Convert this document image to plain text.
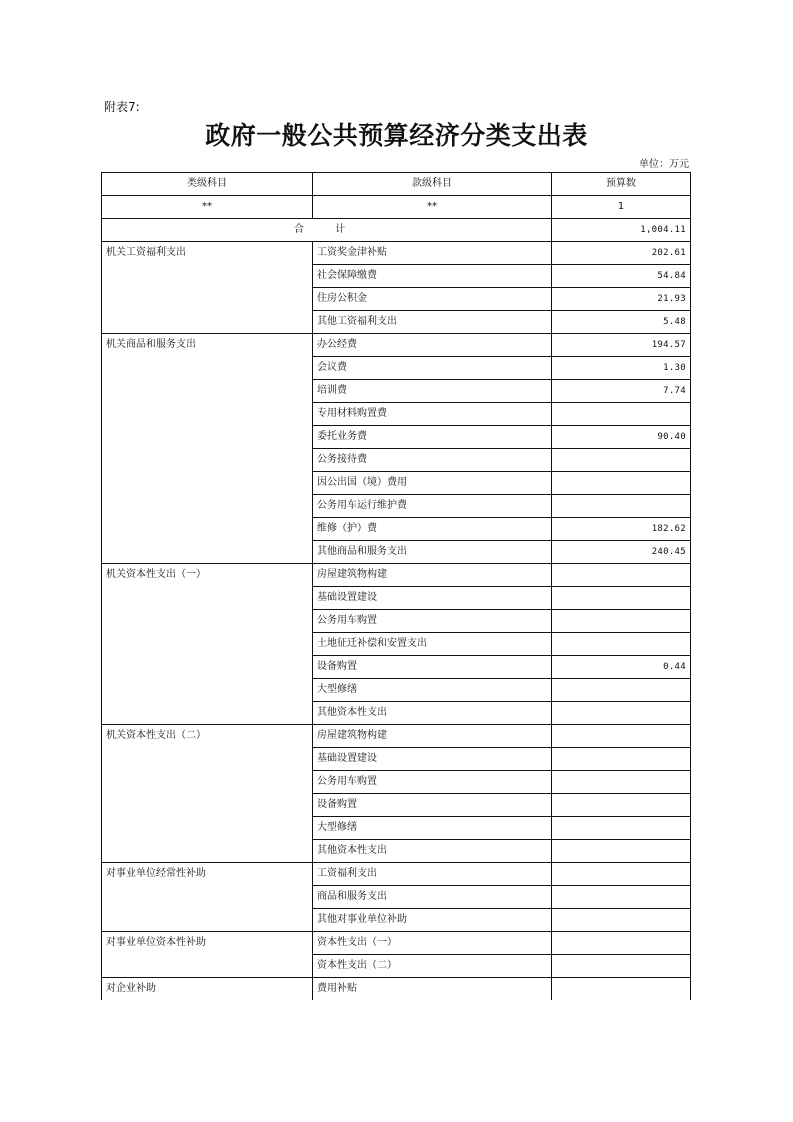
附表7:
政府一般公共预算经济分类支出表
单位：万元
类级科目	款级科目	预算数
**	**	1
合 计		1,004.11
机关工资福利支出	工资奖金津补贴	202.61
	社会保障缴费	54.84
	住房公积金	21.93
	其他工资福利支出	5.48
机关商品和服务支出	办公经费	194.57
	会议费	1.30
	培训费	7.74
	专用材料购置费	
	委托业务费	90.40
	公务接待费	
	因公出国（境）费用	
	公务用车运行维护费	
	维修（护）费	182.62
	其他商品和服务支出	240.45
机关资本性支出（一）	房屋建筑物构建	
	基础设置建设	
	公务用车购置	
	土地征迁补偿和安置支出	
	设备购置	0.44
	大型修缮	
	其他资本性支出	
机关资本性支出（二）	房屋建筑物构建	
	基础设置建设	
	公务用车购置	
	设备购置	
	大型修缮	
	其他资本性支出	
对事业单位经常性补助	工资福利支出	
	商品和服务支出	
	其他对事业单位补助	
对事业单位资本性补助	资本性支出（一）	
	资本性支出（二）	
对企业补助	费用补贴	
